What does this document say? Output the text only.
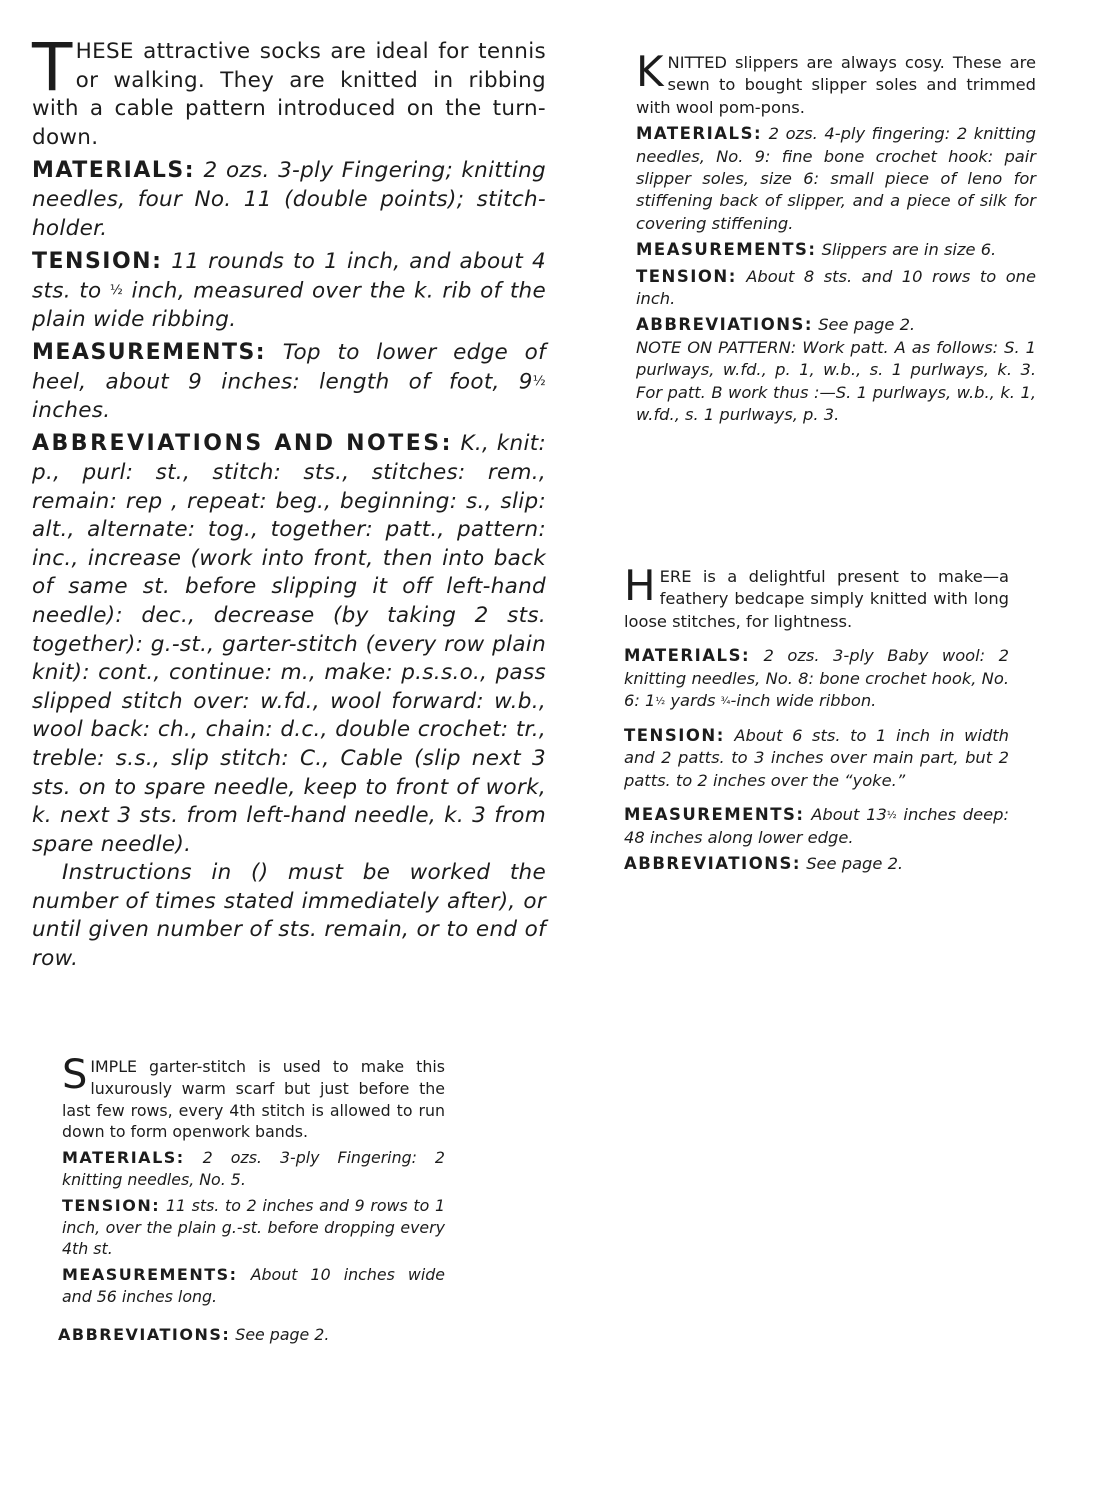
THESE attractive socks are ideal for tennis or walking. They are knitted in ribbing with a cable pattern introduced on the turn-down.

MATERIALS: 2 ozs. 3-ply Fingering; knitting needles, four No. 11 (double points); stitch-holder.

TENSION: 11 rounds to 1 inch, and about 4 sts. to ½ inch, measured over the k. rib of the plain wide ribbing.

MEASUREMENTS: Top to lower edge of heel, about 9 inches: length of foot, 9½ inches.

ABBREVIATIONS AND NOTES: K., knit: p., purl: st., stitch: sts., stitches: rem., remain: rep , repeat: beg., beginning: s., slip: alt., alternate: tog., together: patt., pattern: inc., increase (work into front, then into back of same st. before slipping it off left-hand needle): dec., decrease (by taking 2 sts. together): g.-st., garter-stitch (every row plain knit): cont., continue: m., make: p.s.s.o., pass slipped stitch over: w.fd., wool forward: w.b., wool back: ch., chain: d.c., double crochet: tr., treble: s.s., slip stitch: C., Cable (slip next 3 sts. on to spare needle, keep to front of work, k. next 3 sts. from left-hand needle, k. 3 from spare needle).

Instructions in () must be worked the number of times stated immediately after), or until given number of sts. remain, or to end of row.

KNITTED slippers are always cosy. These are sewn to bought slipper soles and trimmed with wool pom-pons.

MATERIALS: 2 ozs. 4-ply fingering: 2 knitting needles, No. 9: fine bone crochet hook: pair slipper soles, size 6: small piece of leno for stiffening back of slipper, and a piece of silk for covering stiffening.

MEASUREMENTS: Slippers are in size 6.

TENSION: About 8 sts. and 10 rows to one inch.

ABBREVIATIONS: See page 2.

NOTE ON PATTERN: Work patt. A as follows: S. 1 purlways, w.fd., p. 1, w.b., s. 1 purlways, k. 3. For patt. B work thus :—S. 1 purlways, w.b., k. 1, w.fd., s. 1 purlways, p. 3.

HERE is a delightful present to make—a feathery bedcape simply knitted with long loose stitches, for lightness.

MATERIALS: 2 ozs. 3-ply Baby wool: 2 knitting needles, No. 8: bone crochet hook, No. 6: 1½ yards ¾-inch wide ribbon.

TENSION: About 6 sts. to 1 inch in width and 2 patts. to 3 inches over main part, but 2 patts. to 2 inches over the “yoke.”

MEASUREMENTS: About 13½ inches deep: 48 inches along lower edge.

ABBREVIATIONS: See page 2.

SIMPLE garter-stitch is used to make this luxurously warm scarf but just before the last few rows, every 4th stitch is allowed to run down to form openwork bands.

MATERIALS: 2 ozs. 3-ply Fingering: 2 knitting needles, No. 5.

TENSION: 11 sts. to 2 inches and 9 rows to 1 inch, over the plain g.-st. before dropping every 4th st.

MEASUREMENTS: About 10 inches wide and 56 inches long.

ABBREVIATIONS: See page 2.
